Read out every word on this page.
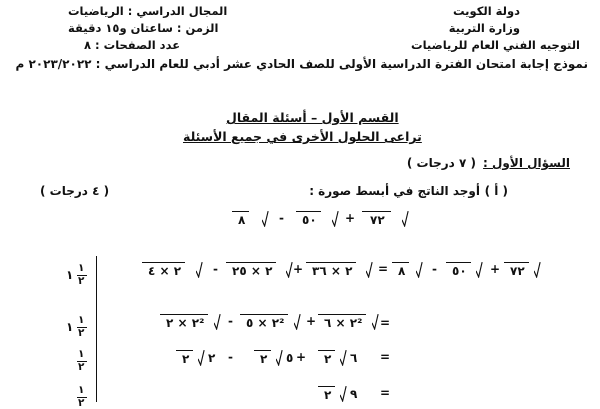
دولة الكويت
وزارة التربية
التوجيه الفني العام للرياضيات
المجال الدراسي : الرياضيات
الزمن : ساعتان و١٥ دقيقة
عدد الصفحات : ٨
نموذج إجابة امتحان الفترة الدراسية الأولى للصف الحادي عشر أدبي للعام الدراسي : ٢٠٢٣/٢٠٢٢ م
القسم الأول – أسئلة المقال
تراعى الحلول الأخرى في جميع الأسئلة
السؤال الأول :
( ٧ درجات )
( أ )
أوجد الناتج في أبسط صورة :
( ٤ درجات )
٨	-	٥٠	+	٧٢
١ ١
٢
١ ١
٢
١
٢
١
٢
٢ × ٤	-	٢ × ٢٥	+ ٢ × ٣٦	= ٨	-	٥٠	+ ٧٢
٢ × ٢²	-	٢ × ٥²	+ ٢ × ٦²	=
٢ ٢ -	٢ ٥ +	٢ ٦ =
٢ ٩ =
